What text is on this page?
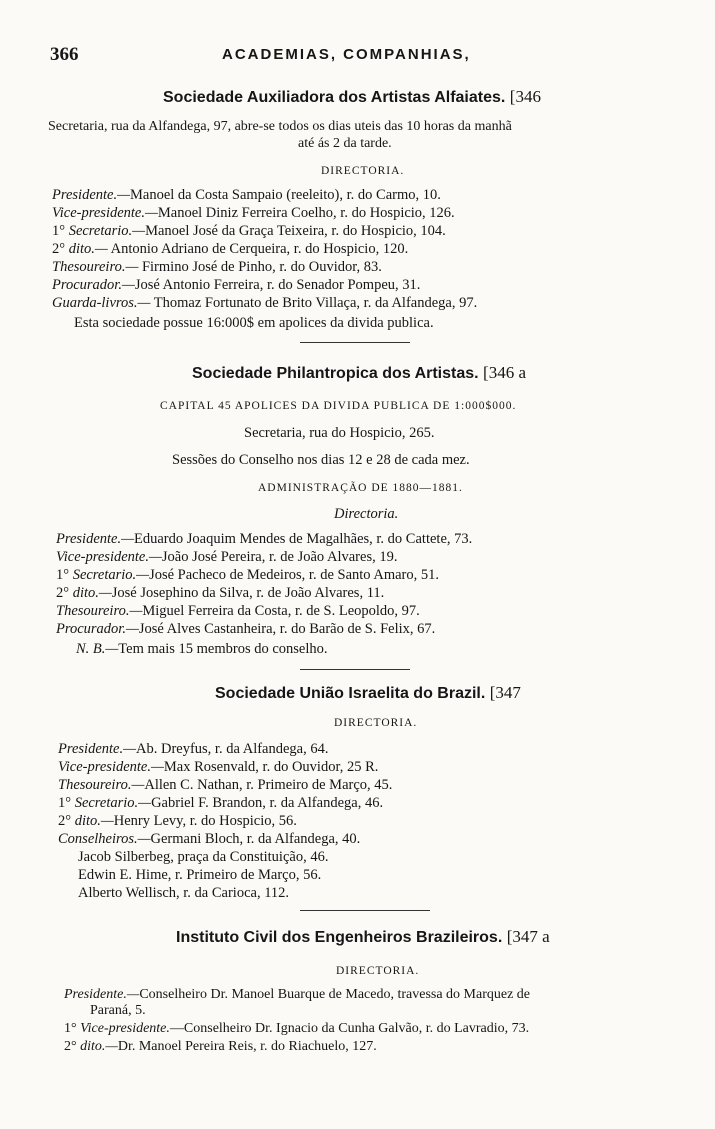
366	ACADEMIAS, COMPANHIAS,
Sociedade Auxiliadora dos Artistas Alfaiates. [346
Secretaria, rua da Alfandega, 97, abre-se todos os dias uteis das 10 horas da manhã
até ás 2 da tarde.
DIRECTORIA.
Presidente.—Manoel da Costa Sampaio (reeleito), r. do Carmo, 10.
Vice-presidente.—Manoel Diniz Ferreira Coelho, r. do Hospicio, 126.
1° Secretario.—Manoel José da Graça Teixeira, r. do Hospicio, 104.
2° dito.— Antonio Adriano de Cerqueira, r. do Hospicio, 120.
Thesoureiro.— Firmino José de Pinho, r. do Ouvidor, 83.
Procurador.—José Antonio Ferreira, r. do Senador Pompeu, 31.
Guarda-livros.— Thomaz Fortunato de Brito Villaça, r. da Alfandega, 97.
Esta sociedade possue 16:000$ em apolices da divida publica.
Sociedade Philantropica dos Artistas. [346 a
CAPITAL 45 APOLICES DA DIVIDA PUBLICA DE 1:000$000.
Secretaria, rua do Hospicio, 265.
Sessões do Conselho nos dias 12 e 28 de cada mez.
ADMINISTRAÇÃO DE 1880—1881.
Directoria.
Presidente.—Eduardo Joaquim Mendes de Magalhães, r. do Cattete, 73.
Vice-presidente.—João José Pereira, r. de João Alvares, 19.
1° Secretario.—José Pacheco de Medeiros, r. de Santo Amaro, 51.
2° dito.—José Josephino da Silva, r. de João Alvares, 11.
Thesoureiro.—Miguel Ferreira da Costa, r. de S. Leopoldo, 97.
Procurador.—José Alves Castanheira, r. do Barão de S. Felix, 67.
N. B.—Tem mais 15 membros do conselho.
Sociedade União Israelita do Brazil. [347
DIRECTORIA.
Presidente.—Ab. Dreyfus, r. da Alfandega, 64.
Vice-presidente.—Max Rosenvald, r. do Ouvidor, 25 R.
Thesoureiro.—Allen C. Nathan, r. Primeiro de Março, 45.
1° Secretario.—Gabriel F. Brandon, r. da Alfandega, 46.
2° dito.—Henry Levy, r. do Hospicio, 56.
Conselheiros.—Germani Bloch, r. da Alfandega, 40.
Jacob Silberbeg, praça da Constituição, 46.
Edwin E. Hime, r. Primeiro de Março, 56.
Alberto Wellisch, r. da Carioca, 112.
Instituto Civil dos Engenheiros Brazileiros. [347 a
DIRECTORIA.
Presidente.—Conselheiro Dr. Manoel Buarque de Macedo, travessa do Marquez de
Paraná, 5.
1° Vice-presidente.—Conselheiro Dr. Ignacio da Cunha Galvão, r. do Lavradio, 73.
2° dito.—Dr. Manoel Pereira Reis, r. do Riachuelo, 127.
